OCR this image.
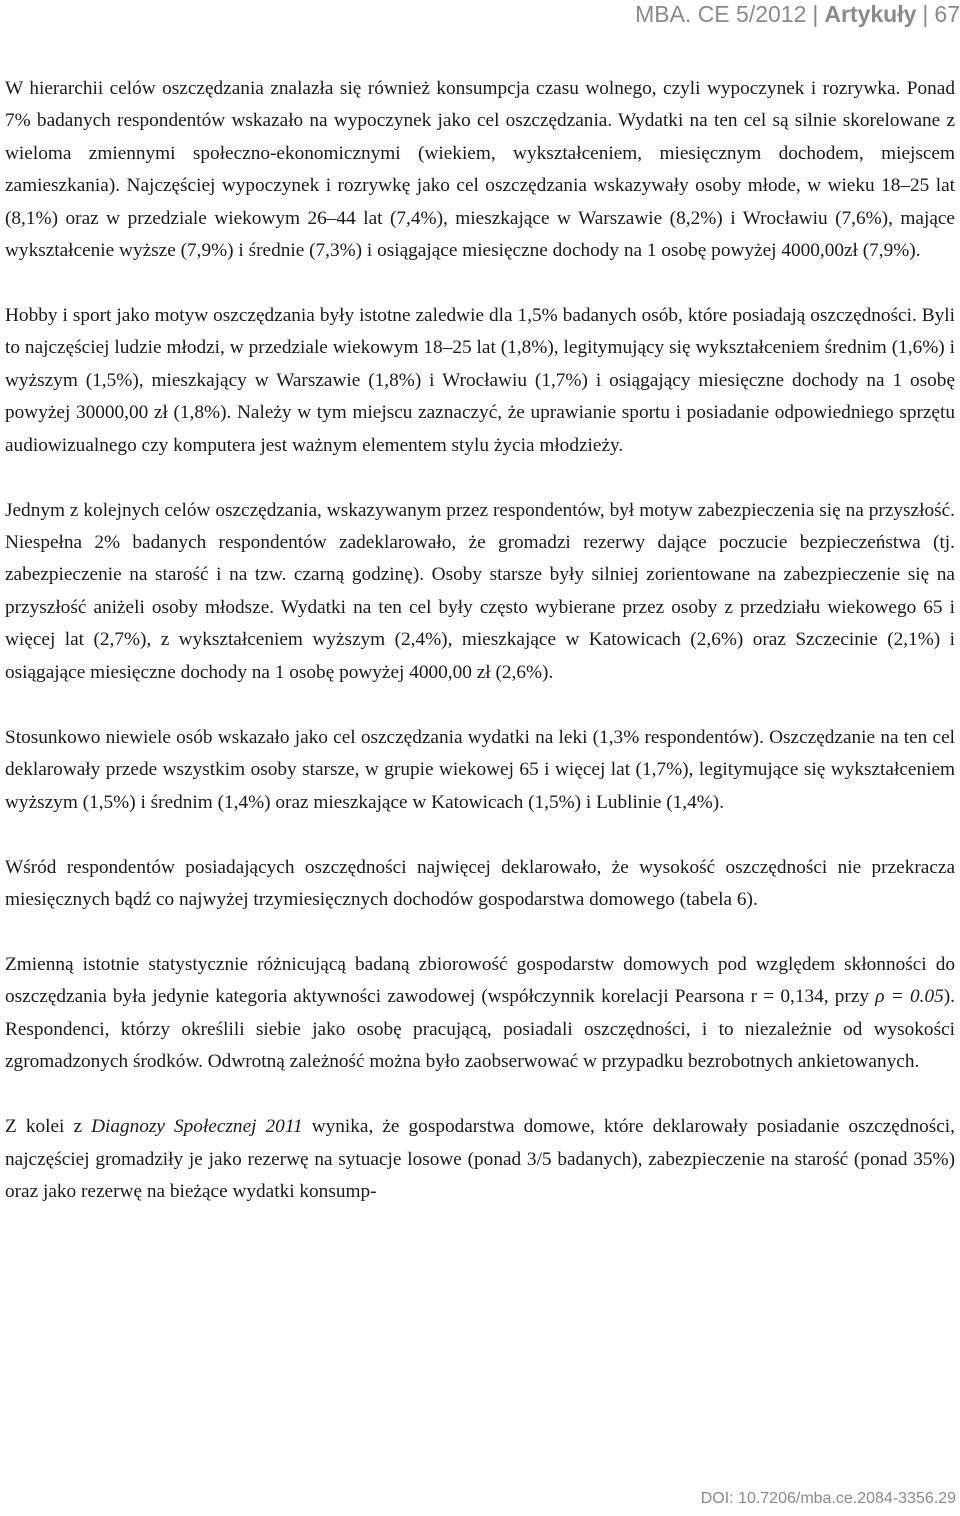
MBA. CE 5/2012 | Artykuły | 67

W hierarchii celów oszczędzania znalazła się również konsumpcja czasu wolnego, czyli wypoczynek i rozrywka. Ponad 7% badanych respondentów wskazało na wypoczynek jako cel oszczędzania. Wydatki na ten cel są silnie skorelowane z wieloma zmiennymi społeczno-ekonomicznymi (wiekiem, wykształceniem, miesięcznym dochodem, miejscem zamieszkania). Najczęściej wypoczynek i rozrywkę jako cel oszczędzania wskazywały osoby młode, w wieku 18–25 lat (8,1%) oraz w przedziale wiekowym 26–44 lat (7,4%), mieszkające w Warszawie (8,2%) i Wrocławiu (7,6%), mające wykształcenie wyższe (7,9%) i średnie (7,3%) i osiągające miesięczne dochody na 1 osobę powyżej 4000,00zł (7,9%).

Hobby i sport jako motyw oszczędzania były istotne zaledwie dla 1,5% badanych osób, które posiadają oszczędności. Byli to najczęściej ludzie młodzi, w przedziale wiekowym 18–25 lat (1,8%), legitymujący się wykształceniem średnim (1,6%) i wyższym (1,5%), mieszkający w Warszawie (1,8%) i Wrocławiu (1,7%) i osiągający miesięczne dochody na 1 osobę powyżej 30000,00 zł (1,8%). Należy w tym miejscu zaznaczyć, że uprawianie sportu i posiadanie odpowiedniego sprzętu audiowizualnego czy komputera jest ważnym elementem stylu życia młodzieży.

Jednym z kolejnych celów oszczędzania, wskazywanym przez respondentów, był motyw zabezpieczenia się na przyszłość. Niespełna 2% badanych respondentów zadeklarowało, że gromadzi rezerwy dające poczucie bezpieczeństwa (tj. zabezpieczenie na starość i na tzw. czarną godzinę). Osoby starsze były silniej zorientowane na zabezpieczenie się na przyszłość aniżeli osoby młodsze. Wydatki na ten cel były często wybierane przez osoby z przedziału wiekowego 65 i więcej lat (2,7%), z wykształceniem wyższym (2,4%), mieszkające w Katowicach (2,6%) oraz Szczecinie (2,1%) i osiągające miesięczne dochody na 1 osobę powyżej 4000,00 zł (2,6%).

Stosunkowo niewiele osób wskazało jako cel oszczędzania wydatki na leki (1,3% respondentów). Oszczędzanie na ten cel deklarowały przede wszystkim osoby starsze, w grupie wiekowej 65 i więcej lat (1,7%), legitymujące się wykształceniem wyższym (1,5%) i średnim (1,4%) oraz mieszkające w Katowicach (1,5%) i Lublinie (1,4%).

Wśród respondentów posiadających oszczędności najwięcej deklarowało, że wysokość oszczędności nie przekracza miesięcznych bądź co najwyżej trzymiesięcznych dochodów gospodarstwa domowego (tabela 6).

Zmienną istotnie statystycznie różnicującą badaną zbiorowość gospodarstw domowych pod względem skłonności do oszczędzania była jedynie kategoria aktywności zawodowej (współczynnik korelacji Pearsona r = 0,134, przy ρ = 0.05). Respondenci, którzy określili siebie jako osobę pracującą, posiadali oszczędności, i to niezależnie od wysokości zgromadzonych środków. Odwrotną zależność można było zaobserwować w przypadku bezrobotnych ankietowanych.

Z kolei z Diagnozy Społecznej 2011 wynika, że gospodarstwa domowe, które deklarowały posiadanie oszczędności, najczęściej gromadziły je jako rezerwę na sytuacje losowe (ponad 3/5 badanych), zabezpieczenie na starość (ponad 35%) oraz jako rezerwę na bieżące wydatki konsump-

DOI: 10.7206/mba.ce.2084-3356.29
